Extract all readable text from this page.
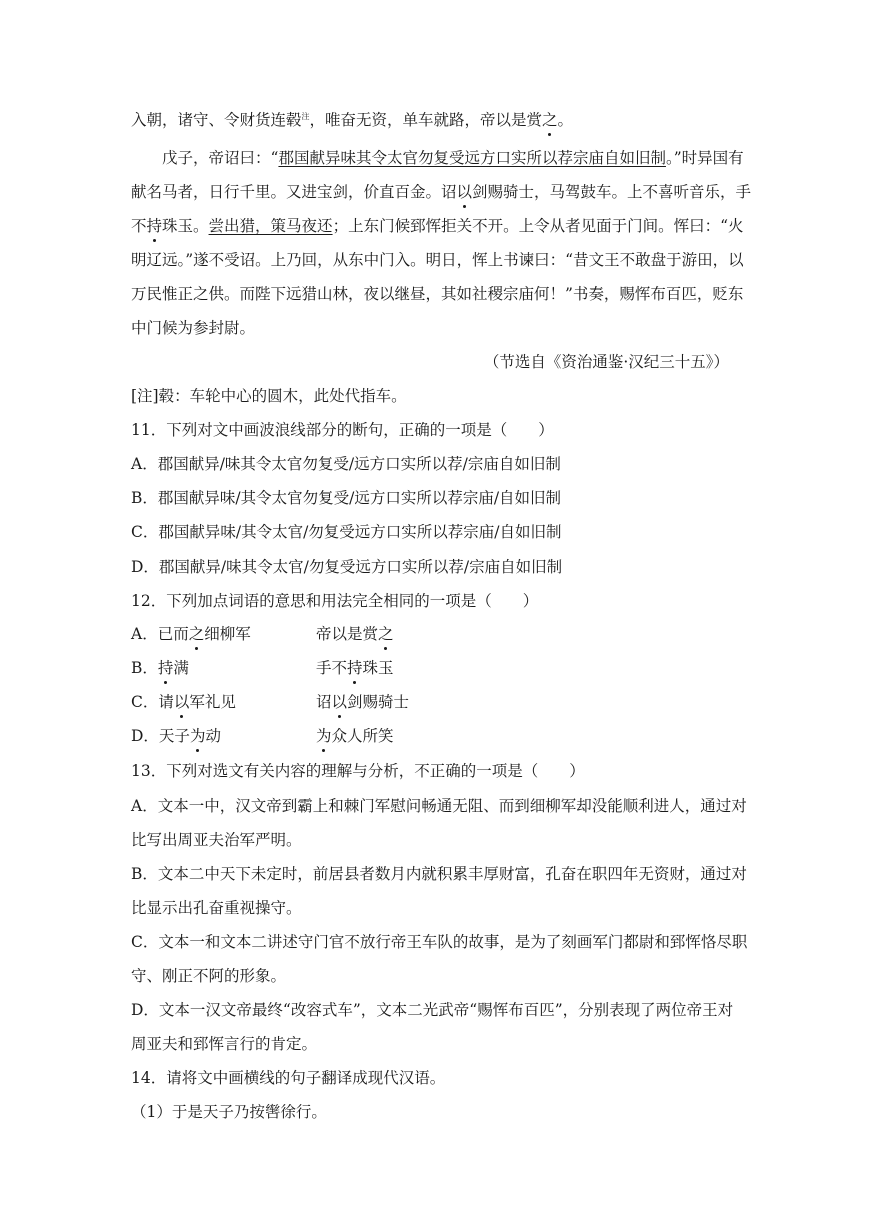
入朝，诸守、令财货连毂$^注$，唯奋无资，单车就路，帝以是赏之。
戊子，帝诏曰：“郡国献异味其令太官勿复受远方口实所以荐宗庙自如旧制。”时异国有
献名马者，日行千里。又进宝剑，价直百金。诏以剑赐骑士，马驾鼓车。上不喜听音乐，手
不持珠玉。尝出猎，策马夜还；上东门候郅恽拒关不开。上令从者见面于门间。恽曰：“火
明辽远。”遂不受诏。上乃回，从东中门入。明日，恽上书谏曰：“昔文王不敢盘于游田，以
万民惟正之供。而陛下远猎山林，夜以继昼，其如社稷宗庙何！”书奏，赐恽布百匹，贬东
中门候为参封尉。
（节选自《资治通鉴·汉纪三十五》）
[注]毂：车轮中心的圆木，此处代指车。
11．下列对文中画波浪线部分的断句，正确的一项是（　　）
A．郡国献异/味其令太官勿复受/远方口实所以荐/宗庙自如旧制
B．郡国献异味/其令太官勿复受/远方口实所以荐宗庙/自如旧制
C．郡国献异味/其令太官/勿复受远方口实所以荐宗庙/自如旧制
D．郡国献异/味其令太官/勿复受远方口实所以荐/宗庙自如旧制
12．下列加点词语的意思和用法完全相同的一项是（　　）
A．已而之细柳军	帝以是赏之
B．持满	手不持珠玉
C．请以军礼见	诏以剑赐骑士
D．天子为动	为众人所笑
13．下列对选文有关内容的理解与分析，不正确的一项是（　　）
A．文本一中，汉文帝到霸上和棘门军慰问畅通无阻、而到细柳军却没能顺利进人，通过对
比写出周亚夫治军严明。
B．文本二中天下未定时，前居县者数月内就积累丰厚财富，孔奋在职四年无资财，通过对
比显示出孔奋重视操守。
C．文本一和文本二讲述守门官不放行帝王车队的故事，是为了刻画军门都尉和郅恽恪尽职
守、刚正不阿的形象。
D．文本一汉文帝最终“改容式车”，文本二光武帝“赐恽布百匹”，分别表现了两位帝王对
周亚夫和郅恽言行的肯定。
14．请将文中画横线的句子翻译成现代汉语。
（1）于是天子乃按辔徐行。
